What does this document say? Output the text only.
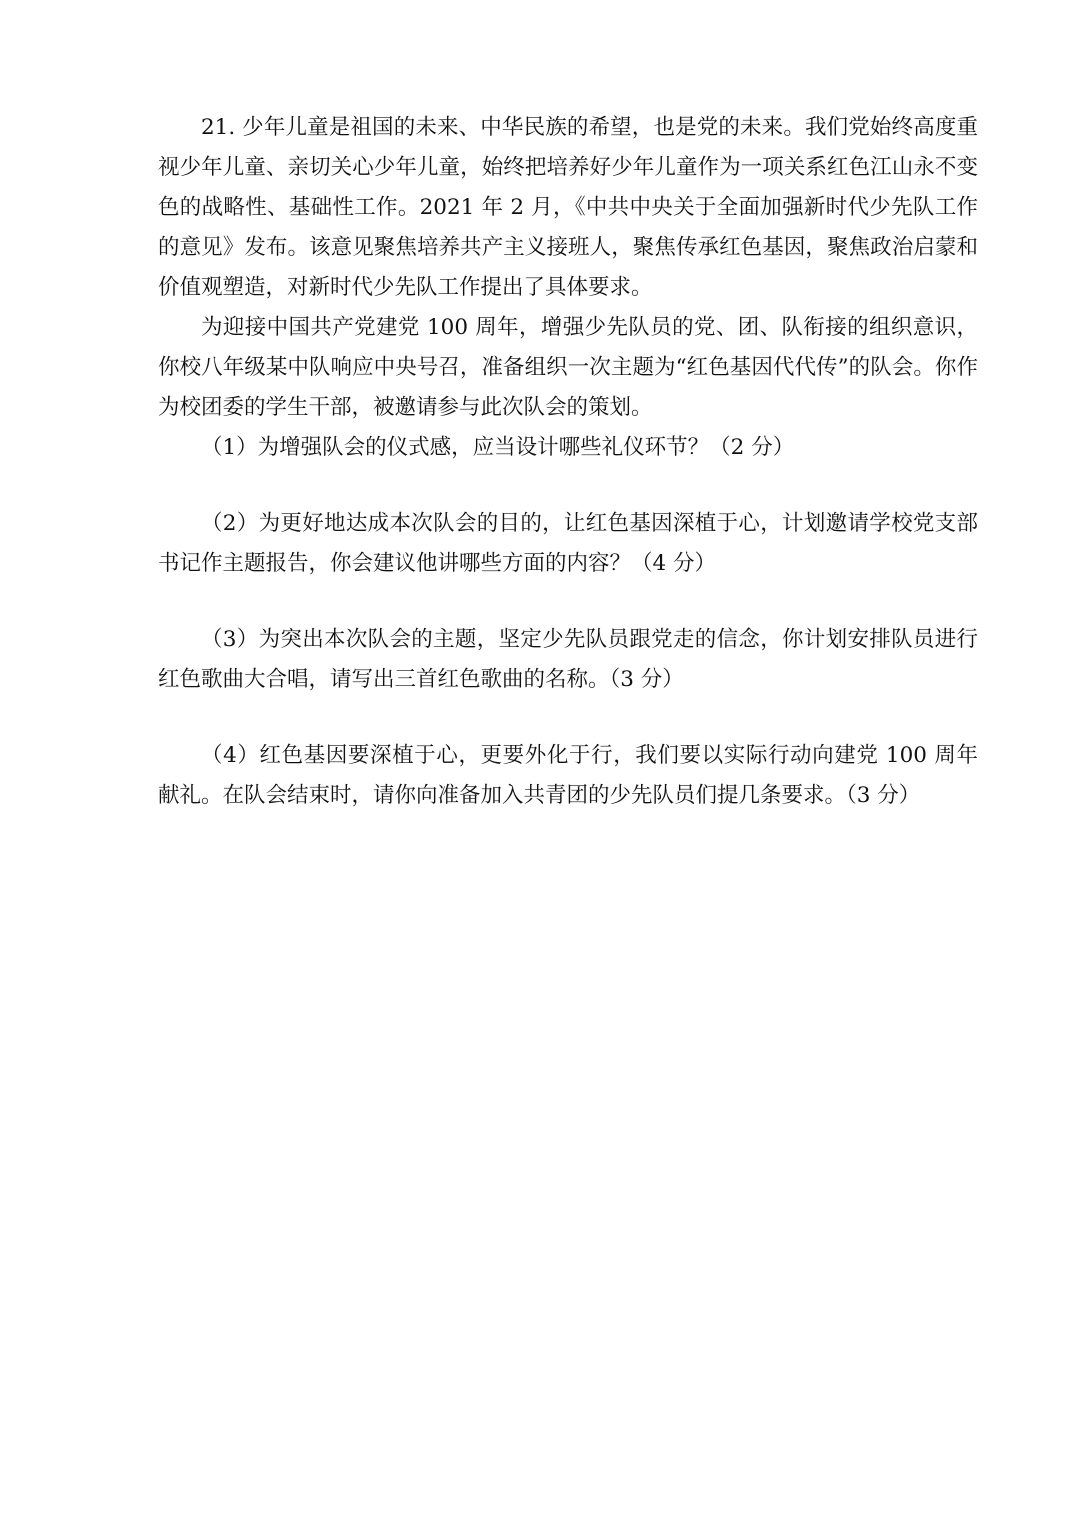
21. 少年儿童是祖国的未来、中华民族的希望，也是党的未来。我们党始终高度重视少年儿童、亲切关心少年儿童，始终把培养好少年儿童作为一项关系红色江山永不变色的战略性、基础性工作。2021 年 2 月，《中共中央关于全面加强新时代少先队工作的意见》发布。该意见聚焦培养共产主义接班人，聚焦传承红色基因，聚焦政治启蒙和价值观塑造，对新时代少先队工作提出了具体要求。

为迎接中国共产党建党 100 周年，增强少先队员的党、团、队衔接的组织意识，你校八年级某中队响应中央号召，准备组织一次主题为“红色基因代代传”的队会。你作为校团委的学生干部，被邀请参与此次队会的策划。

（1）为增强队会的仪式感，应当设计哪些礼仪环节？（2 分）

（2）为更好地达成本次队会的目的，让红色基因深植于心，计划邀请学校党支部书记作主题报告，你会建议他讲哪些方面的内容？（4 分）

（3）为突出本次队会的主题，坚定少先队员跟党走的信念，你计划安排队员进行红色歌曲大合唱，请写出三首红色歌曲的名称。（3 分）

（4）红色基因要深植于心，更要外化于行，我们要以实际行动向建党 100 周年献礼。在队会结束时，请你向准备加入共青团的少先队员们提几条要求。（3 分）
